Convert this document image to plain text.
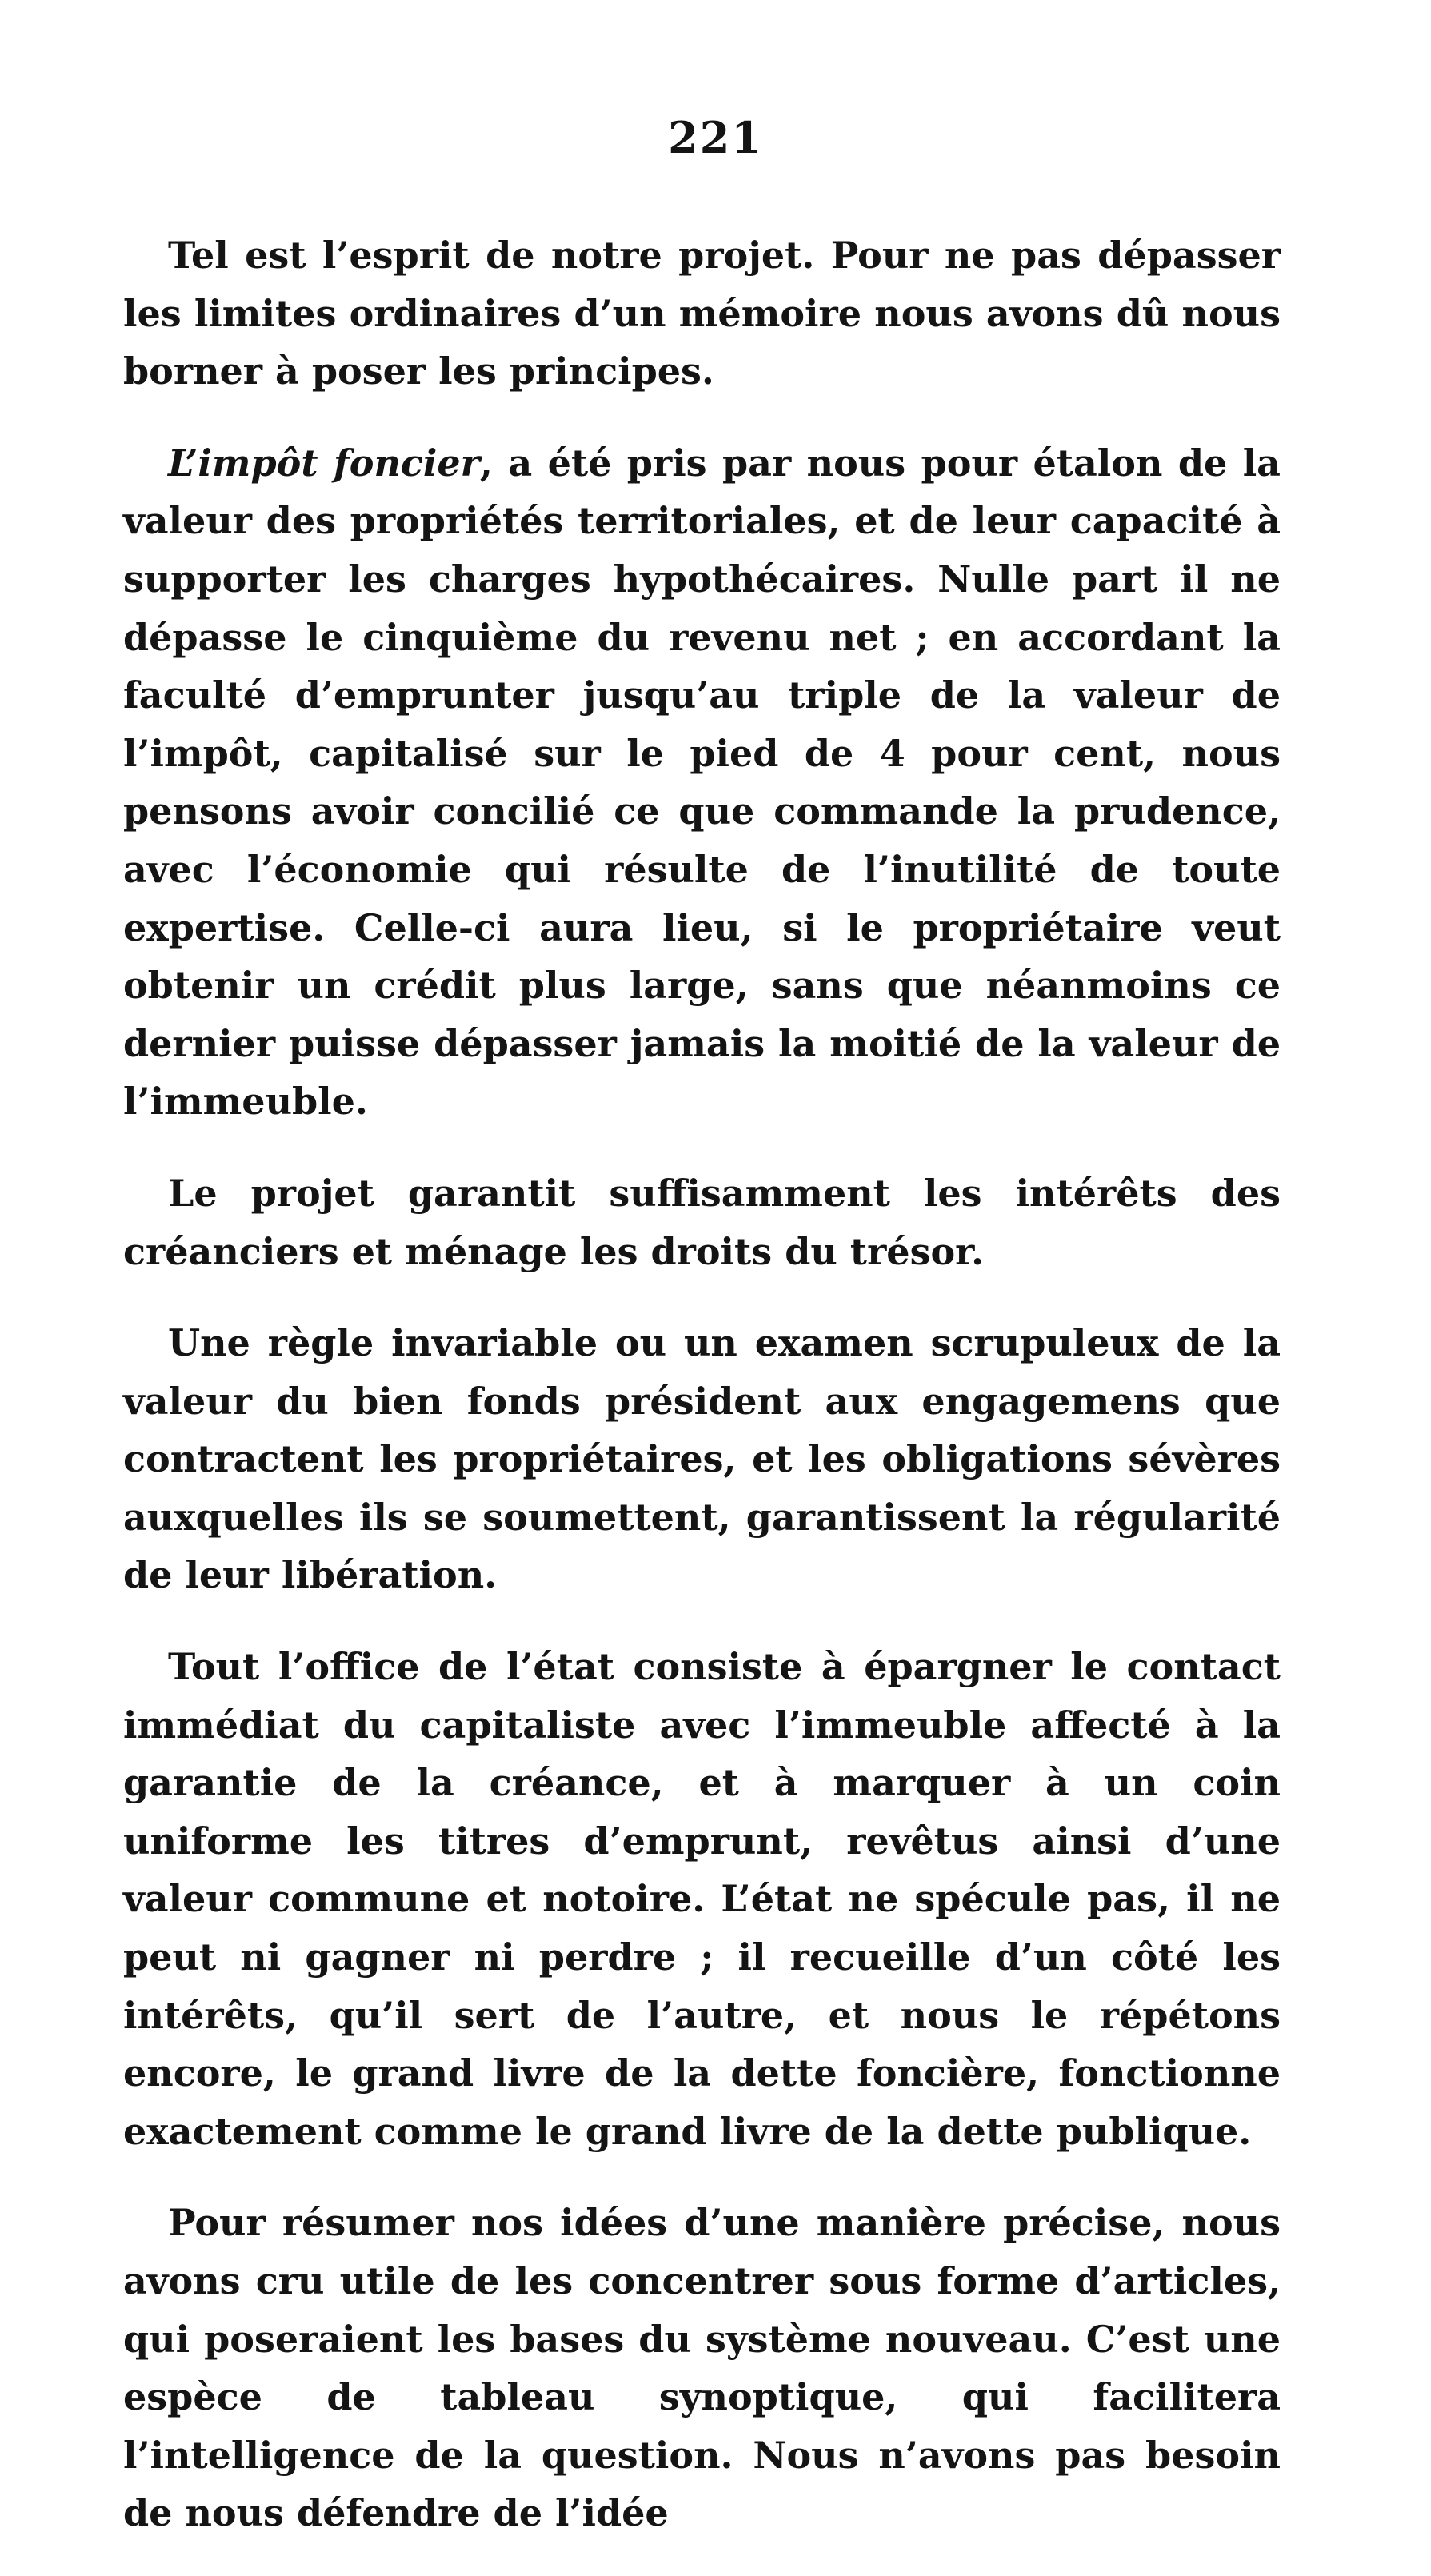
221

Tel est l’esprit de notre projet. Pour ne pas dépasser les limites ordinaires d’un mémoire nous avons dû nous borner à poser les principes.

L’impôt foncier, a été pris par nous pour étalon de la valeur des propriétés territoriales, et de leur capacité à supporter les charges hypothécaires. Nulle part il ne dépasse le cinquième du revenu net ; en accordant la faculté d’emprunter jusqu’au triple de la valeur de l’impôt, capitalisé sur le pied de 4 pour cent, nous pensons avoir concilié ce que commande la prudence, avec l’économie qui résulte de l’inutilité de toute expertise. Celle-ci aura lieu, si le propriétaire veut obtenir un crédit plus large, sans que néanmoins ce dernier puisse dépasser jamais la moitié de la valeur de l’immeuble.

Le projet garantit suffisamment les intérêts des créanciers et ménage les droits du trésor.

Une règle invariable ou un examen scrupuleux de la valeur du bien fonds président aux engagemens que contractent les propriétaires, et les obligations sévères auxquelles ils se soumettent, garantissent la régularité de leur libération.

Tout l’office de l’état consiste à épargner le contact immédiat du capitaliste avec l’immeuble affecté à la garantie de la créance, et à marquer à un coin uniforme les titres d’emprunt, revêtus ainsi d’une valeur commune et notoire. L’état ne spécule pas, il ne peut ni gagner ni perdre ; il recueille d’un côté les intérêts, qu’il sert de l’autre, et nous le répétons encore, le grand livre de la dette foncière, fonctionne exactement comme le grand livre de la dette publique.

Pour résumer nos idées d’une manière précise, nous avons cru utile de les concentrer sous forme d’articles, qui poseraient les bases du système nouveau. C’est une espèce de tableau synoptique, qui facilitera l’intelligence de la question. Nous n’avons pas besoin de nous défendre de l’idée
